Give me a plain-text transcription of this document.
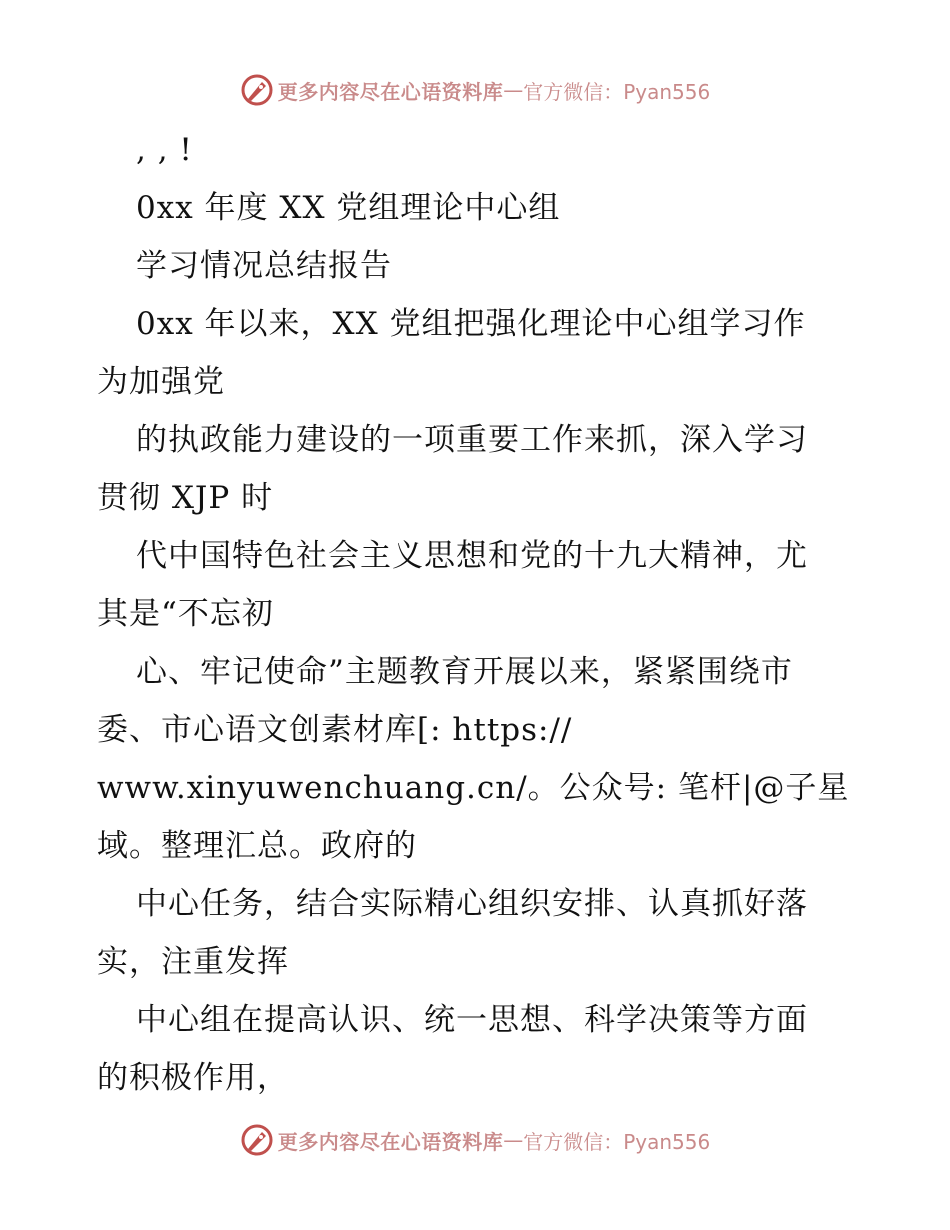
更多内容尽在心语资料库 — 官方微信：Pyan556
, , !
0xx 年度 XX 党组理论中心组
学习情况总结报告
0xx 年以来，XX 党组把强化理论中心组学习作
为加强党
的执政能力建设的一项重要工作来抓，深入学习
贯彻 XJP 时
代中国特色社会主义思想和党的十九大精神，尤
其是“不忘初
心、牢记使命”主题教育开展以来，紧紧围绕市
委、市心语文创素材库[: https://
www.xinyuwenchuang.cn/。公众号: 笔杆|@子星
域。整理汇总。政府的
中心任务，结合实际精心组织安排、认真抓好落
实，注重发挥
中心组在提高认识、统一思想、科学决策等方面
的积极作用，
更多内容尽在心语资料库 — 官方微信：Pyan556
